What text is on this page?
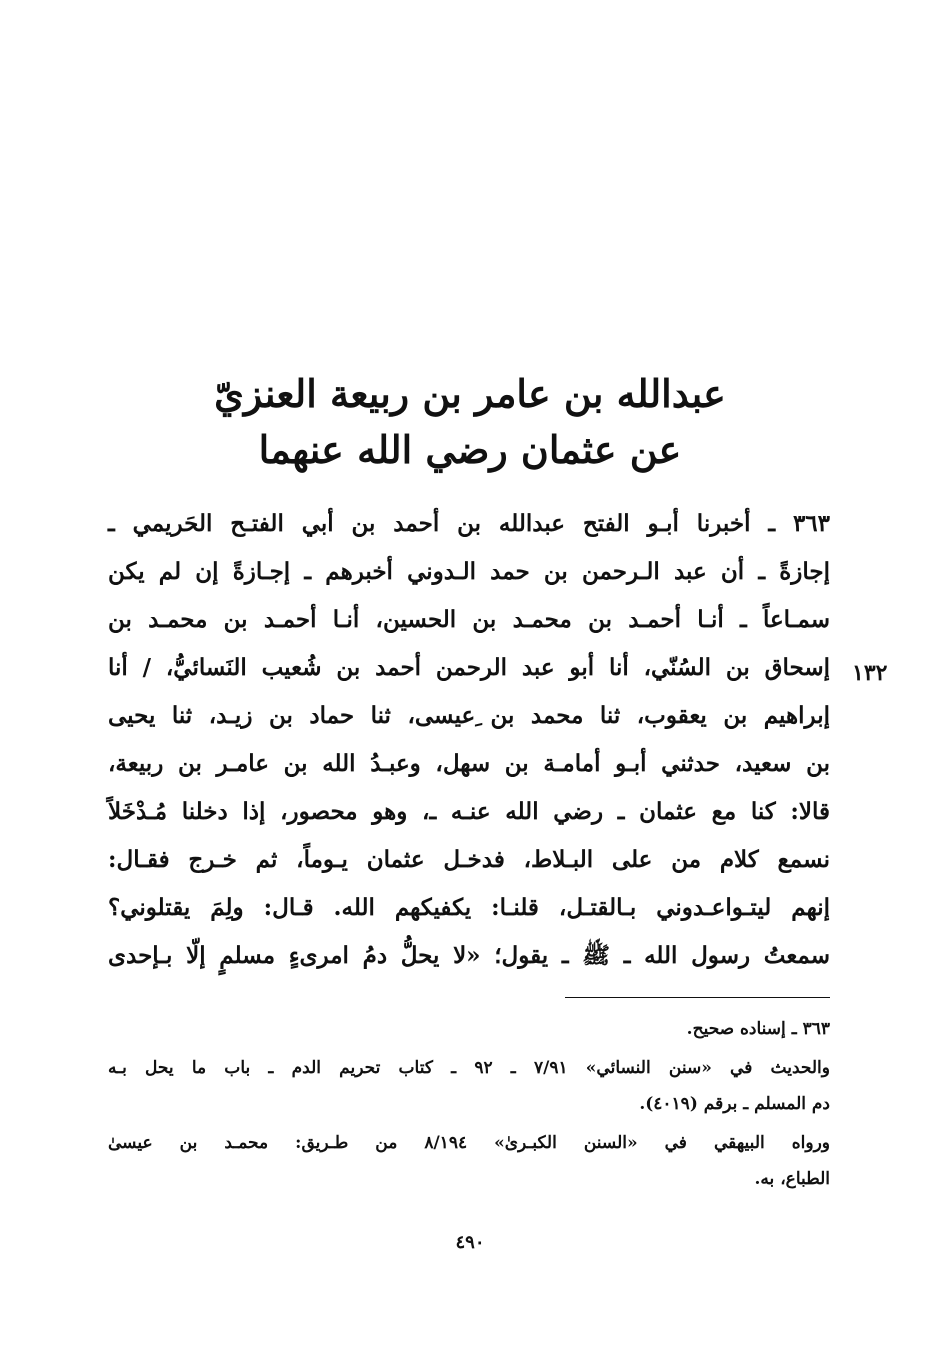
عبدالله بن عامر بن ربيعة العنزيّ
عن عثمان رضي الله عنهما
٣٦٣ ـ أخبرنا أبـو الفتح عبدالله بن أحمد بن أبي الفتـح الحَريمي ـ
إجازةً ـ أن عبد الـرحمن بن حمد الـدوني أخبرهم ـ إجـازةً إن لم يكن
سمـاعاً ـ أنـا أحمـد بن محمـد بن الحسين، أنـا أحمـد بن محمـد بن
إسحاق بن السُنّي، أنا أبو عبد الرحمن أحمد بن شُعيب النَسائيُّ، / أنا
إبراهيم بن يعقوب، ثنا محمد بن ِعيسى، ثنا حماد بن زيـد، ثنا يحيى
بن سعيد، حدثني أبـو أمامـة بن سهل، وعبـدُ الله بن عامـر بن ربيعة،
قالا: كنا مع عثمان ـ رضي الله عنـه ـ، وهو محصور، إذا دخلنا مُـدْخَلاً
نسمع كلام من على البـلاط، فدخـل عثمان يـوماً، ثم خـرج فقـال:
إنهم ليتـواعـدوني بـالقتـل، قلنـا: يكفيكهم الله. قـال: ولِمَ يقتلوني؟
سمعتُ رسول الله ـ ﷺ ـ يقول؛ «لا يحلُّ دمُ امرىءٍ مسلمٍ إلّا بـإحدى
١٣٢
٣٦٣ ـ إسناده صحيح.
والحديث في «سنن النسائي» ٧/٩١ ـ ٩٢ ـ كتاب تحريم الدم ـ باب ما يحل بـه
دم المسلم ـ برقم (٤٠١٩).
ورواه البيهقي في «السنن الكبـرىٰ» ٨/١٩٤ من طـريق: محمـد بن عيسىٰ
الطباع، به.
٤٩٠
